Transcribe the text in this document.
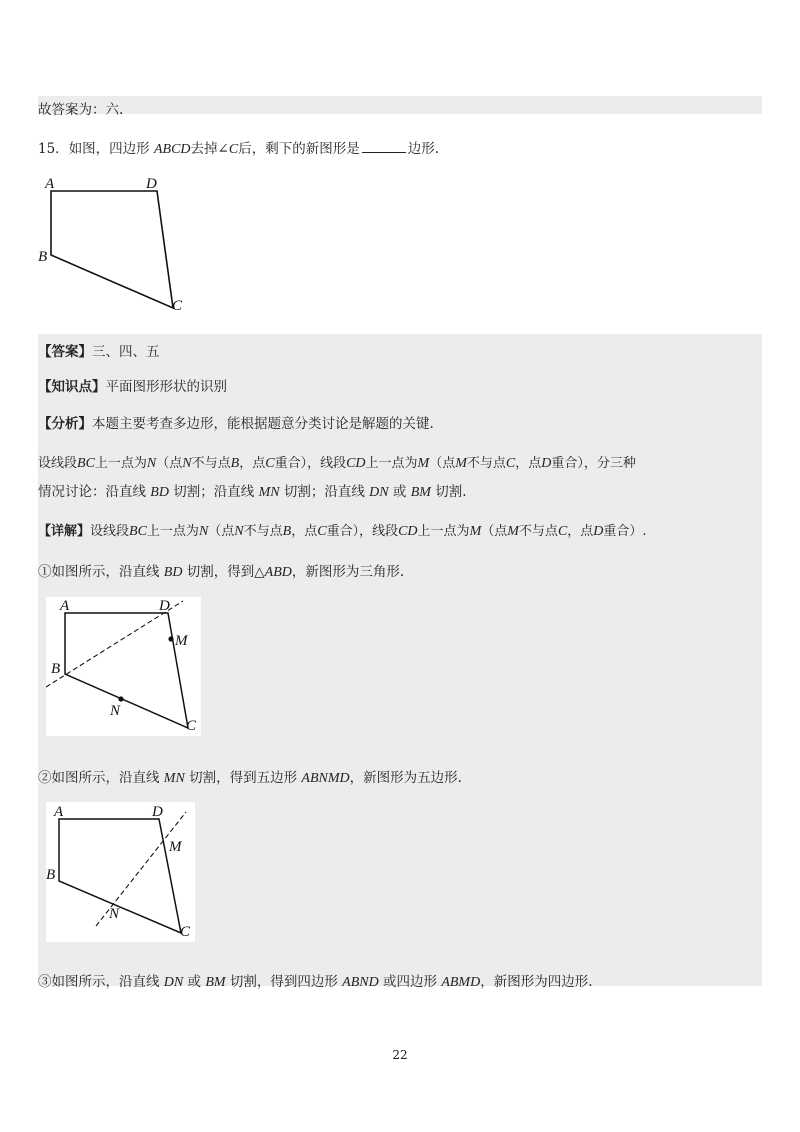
故答案为：六.
15．如图，四边形 ABCD去掉∠C后，剩下的新图形是	边形.
A	D
B
C
【答案】三、四、五
【知识点】平面图形形状的识别
【分析】本题主要考查多边形，能根据题意分类讨论是解题的关键.
设线段BC上一点为N（点N不与点B，点C重合），线段CD上一点为M（点M不与点C，点D重合），分三种
情况讨论：沿直线 BD 切割；沿直线 MN 切割；沿直线 DN 或 BM 切割.
【详解】设线段BC上一点为N（点N不与点B，点C重合），线段CD上一点为M（点M不与点C，点D重合）.
①如图所示，沿直线 BD 切割，得到△ABD，新图形为三角形.
A	D
M
B
N
C
②如图所示，沿直线 MN 切割，得到五边形 ABNMD，新图形为五边形.
A	D
M
B
N
C
③如图所示，沿直线 DN 或 BM 切割，得到四边形 ABND 或四边形 ABMD，新图形为四边形.
22
